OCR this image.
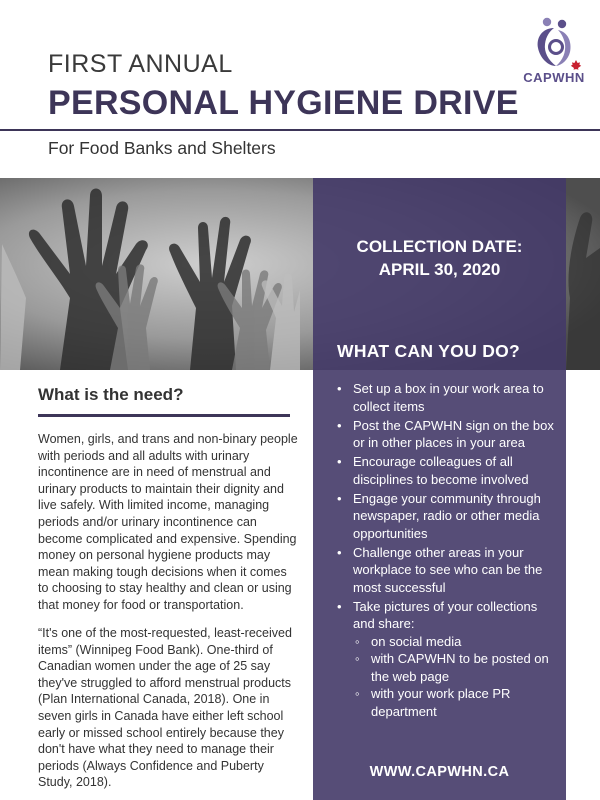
FIRST ANNUAL
PERSONAL HYGIENE DRIVE
For Food Banks and Shelters
CAPWHN
COLLECTION DATE:
APRIL 30, 2020
WHAT CAN YOU DO?
• Set up a box in your work area to collect items
• Post the CAPWHN sign on the box or in other places in your area
• Encourage colleagues of all disciplines to become involved
• Engage your community through newspaper, radio or other media opportunities
• Challenge other areas in your workplace to see who can be the most successful
• Take pictures of your collections and share:
◦ on social media
◦ with CAPWHN to be posted on the web page
◦ with your work place PR department
WWW.CAPWHN.CA
What is the need?

Women, girls, and trans and non-binary people with periods and all adults with urinary incontinence are in need of menstrual and urinary products to maintain their dignity and live safely. With limited income, managing periods and/or urinary incontinence can become complicated and expensive. Spending money on personal hygiene products may mean making tough decisions when it comes to choosing to stay healthy and clean or using that money for food or transportation.

“It's one of the most-requested, least-received items” (Winnipeg Food Bank). One-third of Canadian women under the age of 25 say they've struggled to afford menstrual products (Plan International Canada, 2018). One in seven girls in Canada have either left school early or missed school entirely because they don't have what they need to manage their periods (Always Confidence and Puberty Study, 2018).
